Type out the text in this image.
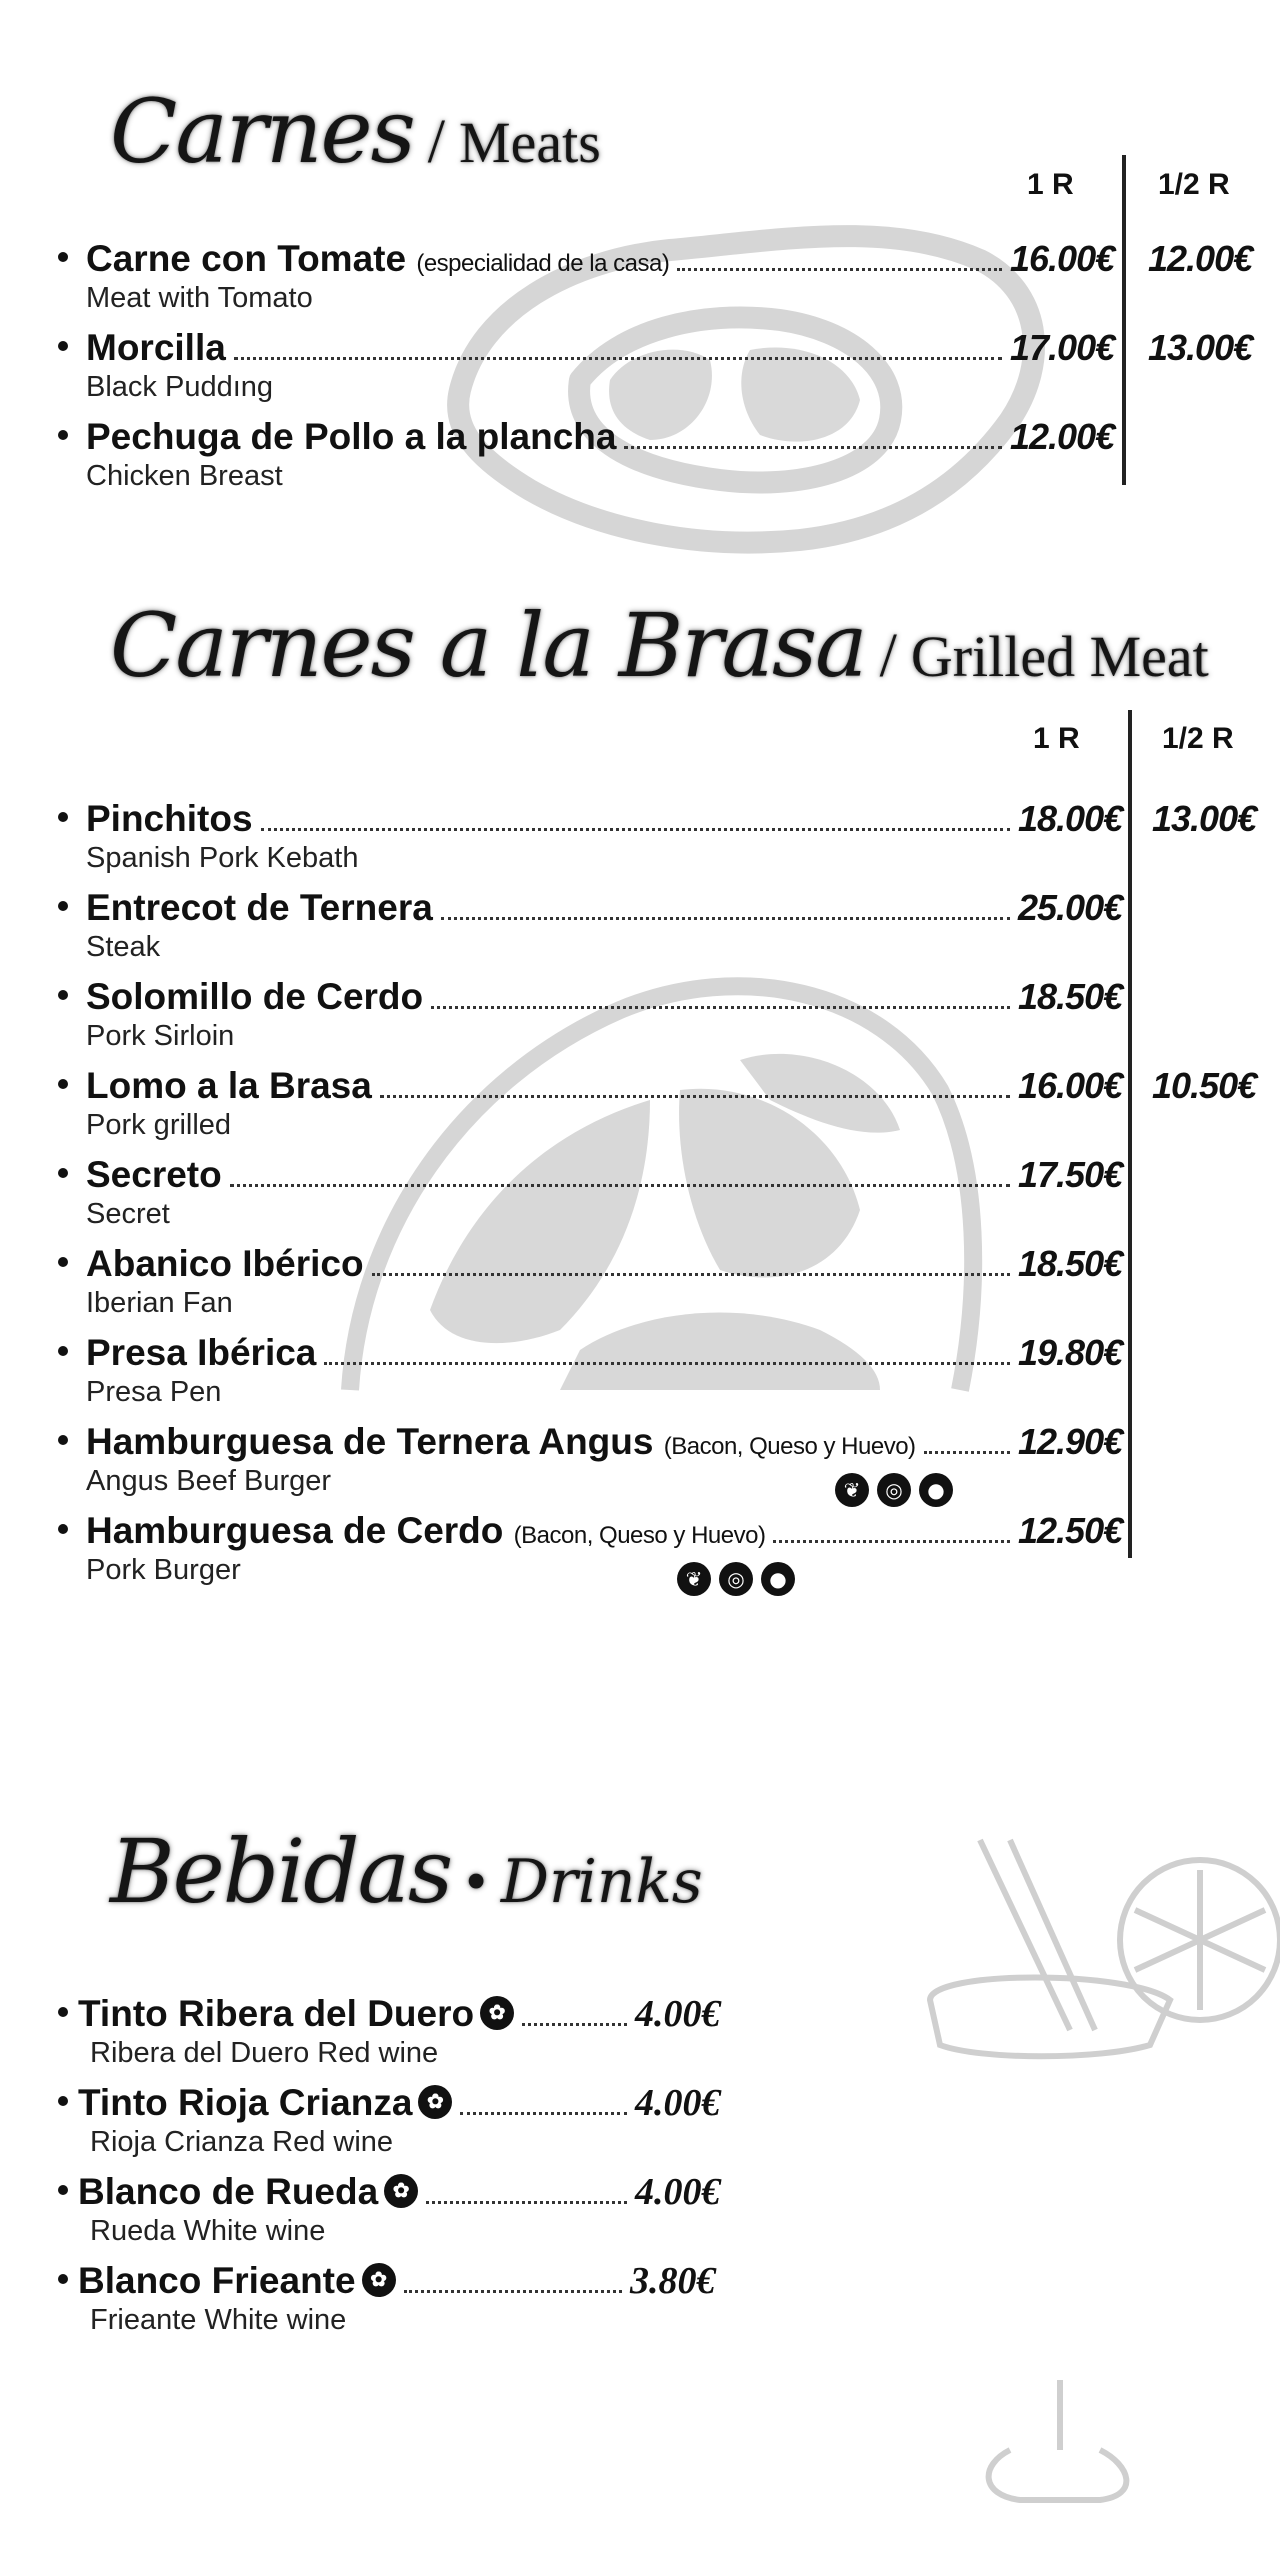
Carnes / Meats
1 R	1/2 R
Carne con Tomate (especialidad de la casa)
Meat with Tomato
16.00€ 12.00€
Morcilla
Black Puddıng
17.00€ 13.00€
Pechuga de Pollo a la plancha
Chicken Breast
12.00€
Carnes a la Brasa / Grilled Meat
1 R	1/2 R
Pinchitos
Spanish Pork Kebath
18.00€ 13.00€
Entrecot de Ternera
Steak
25.00€
Solomillo de Cerdo
Pork Sirloin
18.50€
Lomo a la Brasa
Pork grilled
16.00€ 10.50€
Secreto
Secret
17.50€
Abanico Ibérico
Iberian Fan
18.50€
Presa Ibérica
Presa Pen
19.80€
Hamburguesa de Ternera Angus (Bacon, Queso y Huevo)
Angus Beef Burger
12.90€
❦	◎	●
Hamburguesa de Cerdo (Bacon, Queso y Huevo)
Pork Burger
12.50€
❦	◎	●
Bebidas • Drinks
Tinto Ribera del Duero ✿
Ribera del Duero Red wine
4.00€
Tinto Rioja Crianza ✿
Rioja Crianza Red wine
4.00€
Blanco de Rueda ✿
Rueda White wine
4.00€
Blanco Frieante ✿
Frieante White wine
3.80€
